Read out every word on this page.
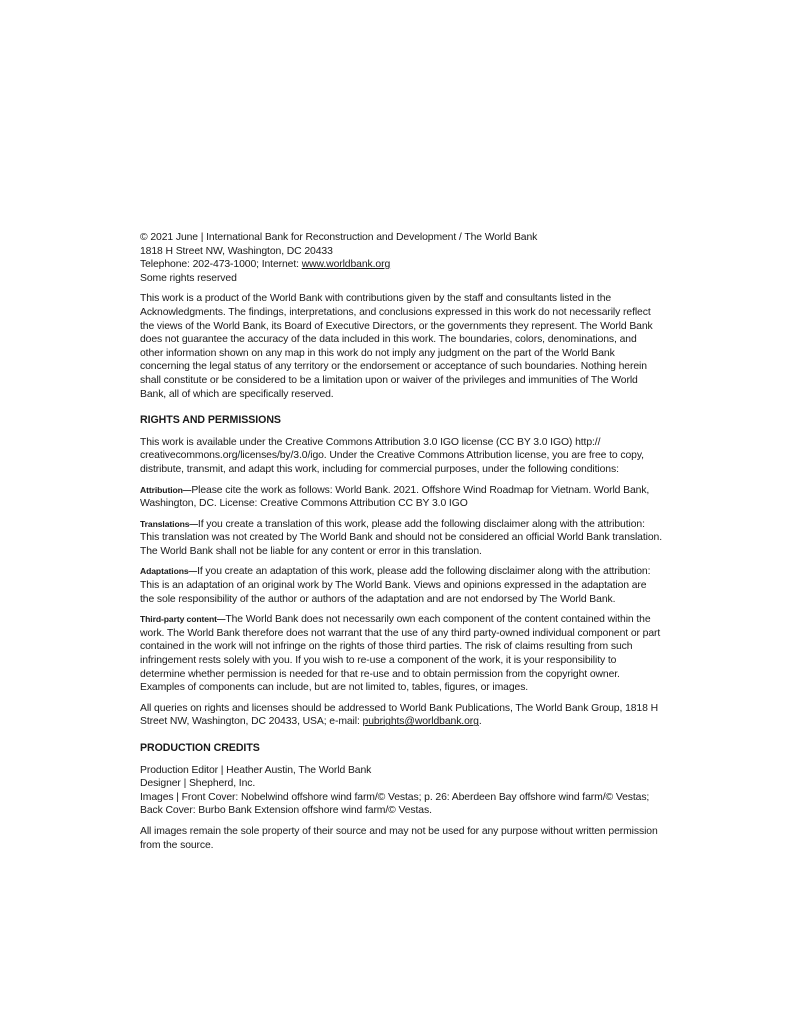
© 2021 June | International Bank for Reconstruction and Development / The World Bank
1818 H Street NW, Washington, DC 20433
Telephone: 202-473-1000; Internet: www.worldbank.org
Some rights reserved

This work is a product of the World Bank with contributions given by the staff and consultants listed in the Acknowledgments. The findings, interpretations, and conclusions expressed in this work do not necessarily reflect the views of the World Bank, its Board of Executive Directors, or the governments they represent. The World Bank does not guarantee the accuracy of the data included in this work. The boundaries, colors, denominations, and other information shown on any map in this work do not imply any judgment on the part of the World Bank concerning the legal status of any territory or the endorsement or acceptance of such boundaries. Nothing herein shall constitute or be considered to be a limitation upon or waiver of the privileges and immunities of The World Bank, all of which are specifically reserved.

RIGHTS AND PERMISSIONS

This work is available under the Creative Commons Attribution 3.0 IGO license (CC BY 3.0 IGO) http:// creativecommons.org/licenses/by/3.0/igo. Under the Creative Commons Attribution license, you are free to copy, distribute, transmit, and adapt this work, including for commercial purposes, under the following conditions:

Attribution—Please cite the work as follows: World Bank. 2021. Offshore Wind Roadmap for Vietnam. World Bank, Washington, DC. License: Creative Commons Attribution CC BY 3.0 IGO

Translations—If you create a translation of this work, please add the following disclaimer along with the attribution: This translation was not created by The World Bank and should not be considered an official World Bank translation. The World Bank shall not be liable for any content or error in this translation.

Adaptations—If you create an adaptation of this work, please add the following disclaimer along with the attribution: This is an adaptation of an original work by The World Bank. Views and opinions expressed in the adaptation are the sole responsibility of the author or authors of the adaptation and are not endorsed by The World Bank.

Third-party content—The World Bank does not necessarily own each component of the content contained within the work. The World Bank therefore does not warrant that the use of any third party-owned individual component or part contained in the work will not infringe on the rights of those third parties. The risk of claims resulting from such infringement rests solely with you. If you wish to re-use a component of the work, it is your responsibility to determine whether permission is needed for that re-use and to obtain permission from the copyright owner. Examples of components can include, but are not limited to, tables, figures, or images.

All queries on rights and licenses should be addressed to World Bank Publications, The World Bank Group, 1818 H Street NW, Washington, DC 20433, USA; e-mail: pubrights@worldbank.org.

PRODUCTION CREDITS
Production Editor | Heather Austin, The World Bank
Designer | Shepherd, Inc.
Images | Front Cover: Nobelwind offshore wind farm/© Vestas; p. 26: Aberdeen Bay offshore wind farm/© Vestas; Back Cover: Burbo Bank Extension offshore wind farm/© Vestas.

All images remain the sole property of their source and may not be used for any purpose without written permission from the source.
